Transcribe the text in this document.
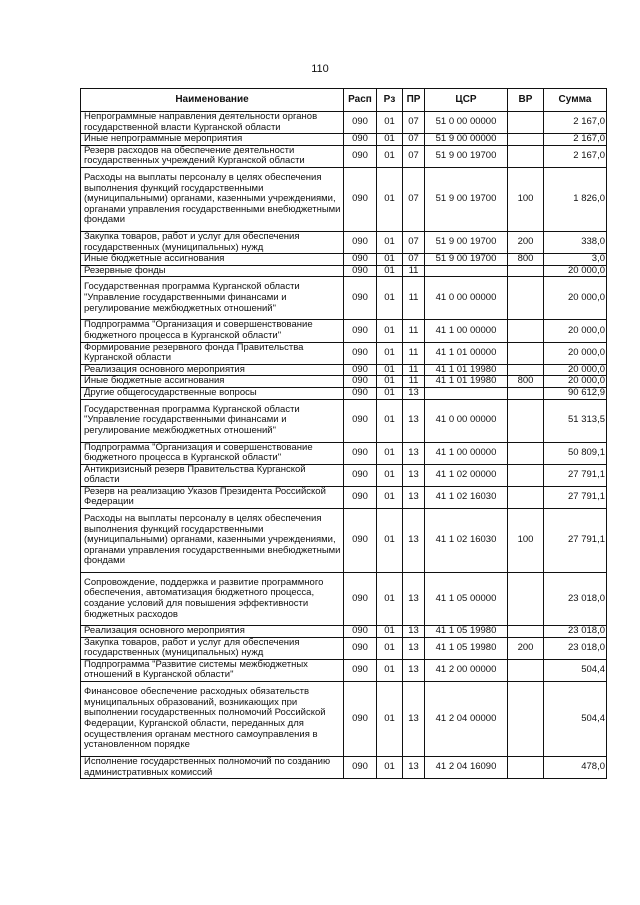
110
Наименование	Расп	Рз	ПР	ЦСР	ВР	Сумма
Непрограммные направления деятельности органов государственной власти Курганской области	090	01	07	51 0 00 00000		2 167,0
Иные непрограммные мероприятия	090	01	07	51 9 00 00000		2 167,0
Резерв расходов на обеспечение деятельности государственных учреждений Курганской области	090	01	07	51 9 00 19700		2 167,0
Расходы на выплаты персоналу в целях обеспечения выполнения функций государственными (муниципальными) органами, казенными учреждениями, органами управления государственными внебюджетными фондами	090	01	07	51 9 00 19700	100	1 826,0
Закупка товаров, работ и услуг для обеспечения государственных (муниципальных) нужд	090	01	07	51 9 00 19700	200	338,0
Иные бюджетные ассигнования	090	01	07	51 9 00 19700	800	3,0
Резервные фонды	090	01	11			20 000,0
Государственная программа Курганской области "Управление государственными финансами и регулирование межбюджетных отношений"	090	01	11	41 0 00 00000		20 000,0
Подпрограмма "Организация и совершенствование бюджетного процесса в Курганской области"	090	01	11	41 1 00 00000		20 000,0
Формирование резервного фонда Правительства Курганской области	090	01	11	41 1 01 00000		20 000,0
Реализация основного мероприятия	090	01	11	41 1 01 19980		20 000,0
Иные бюджетные ассигнования	090	01	11	41 1 01 19980	800	20 000,0
Другие общегосударственные вопросы	090	01	13			90 612,9
Государственная программа Курганской области "Управление государственными финансами и регулирование межбюджетных отношений"	090	01	13	41 0 00 00000		51 313,5
Подпрограмма "Организация и совершенствование бюджетного процесса в Курганской области"	090	01	13	41 1 00 00000		50 809,1
Антикризисный резерв Правительства Курганской области	090	01	13	41 1 02 00000		27 791,1
Резерв на реализацию Указов Президента Российской Федерации	090	01	13	41 1 02 16030		27 791,1
Расходы на выплаты персоналу в целях обеспечения выполнения функций государственными (муниципальными) органами, казенными учреждениями, органами управления государственными внебюджетными фондами	090	01	13	41 1 02 16030	100	27 791,1
Сопровождение, поддержка и развитие программного обеспечения, автоматизация бюджетного процесса, создание условий для повышения эффективности бюджетных расходов	090	01	13	41 1 05 00000		23 018,0
Реализация основного мероприятия	090	01	13	41 1 05 19980		23 018,0
Закупка товаров, работ и услуг для обеспечения государственных (муниципальных) нужд	090	01	13	41 1 05 19980	200	23 018,0
Подпрограмма "Развитие системы межбюджетных отношений в Курганской области"	090	01	13	41 2 00 00000		504,4
Финансовое обеспечение расходных обязательств муниципальных образований, возникающих при выполнении государственных полномочий Российской Федерации, Курганской области, переданных для осуществления органам местного самоуправления в установленном порядке	090	01	13	41 2 04 00000		504,4
Исполнение государственных полномочий по созданию административных комиссий	090	01	13	41 2 04 16090		478,0
